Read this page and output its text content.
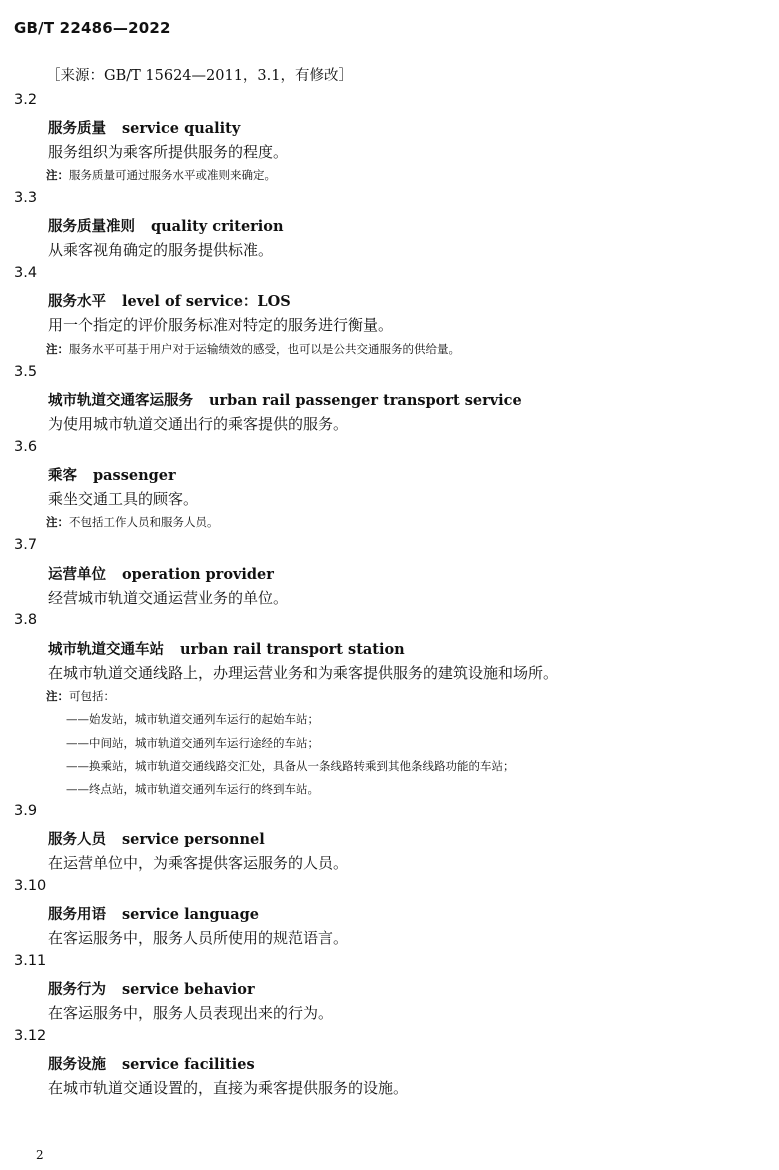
GB/T 22486—2022
［来源：GB/T 15624—2011，3.1，有修改］
3.2
服务质量 service quality
服务组织为乘客所提供服务的程度。
注：服务质量可通过服务水平或准则来确定。
3.3
服务质量准则 quality criterion
从乘客视角确定的服务提供标准。
3.4
服务水平 level of service：LOS
用一个指定的评价服务标准对特定的服务进行衡量。
注：服务水平可基于用户对于运输绩效的感受，也可以是公共交通服务的供给量。
3.5
城市轨道交通客运服务 urban rail passenger transport service
为使用城市轨道交通出行的乘客提供的服务。
3.6
乘客 passenger
乘坐交通工具的顾客。
注：不包括工作人员和服务人员。
3.7
运营单位 operation provider
经营城市轨道交通运营业务的单位。
3.8
城市轨道交通车站 urban rail transport station
在城市轨道交通线路上，办理运营业务和为乘客提供服务的建筑设施和场所。
注：可包括：
——始发站，城市轨道交通列车运行的起始车站；
——中间站，城市轨道交通列车运行途经的车站；
——换乘站，城市轨道交通线路交汇处，具备从一条线路转乘到其他条线路功能的车站；
——终点站，城市轨道交通列车运行的终到车站。
3.9
服务人员 service personnel
在运营单位中，为乘客提供客运服务的人员。
3.10
服务用语 service language
在客运服务中，服务人员所使用的规范语言。
3.11
服务行为 service behavior
在客运服务中，服务人员表现出来的行为。
3.12
服务设施 service facilities
在城市轨道交通设置的，直接为乘客提供服务的设施。
2
